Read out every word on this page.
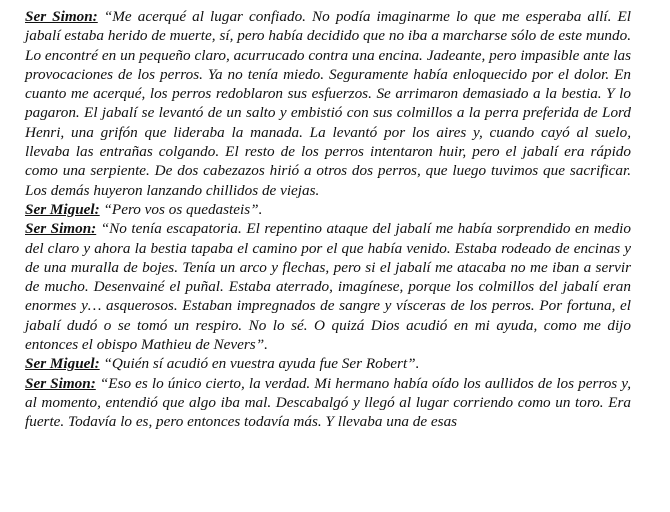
Ser Simon: “Me acerqué al lugar confiado. No podía imaginarme lo que me esperaba allí. El jabalí estaba herido de muerte, sí, pero había decidido que no iba a marcharse sólo de este mundo. Lo encontré en un pequeño claro, acurrucado contra una encina. Jadeante, pero impasible ante las provocaciones de los perros. Ya no tenía miedo. Seguramente había enloquecido por el dolor. En cuanto me acerqué, los perros redoblaron sus esfuerzos. Se arrimaron demasiado a la bestia. Y lo pagaron. El jabalí se levantó de un salto y embistió con sus colmillos a la perra preferida de Lord Henri, una grifón que lideraba la manada. La levantó por los aires y, cuando cayó al suelo, llevaba las entrañas colgando. El resto de los perros intentaron huir, pero el jabalí era rápido como una serpiente. De dos cabezazos hirió a otros dos perros, que luego tuvimos que sacrificar. Los demás huyeron lanzando chillidos de viejas.

Ser Miguel: “Pero vos os quedasteis”.

Ser Simon: “No tenía escapatoria. El repentino ataque del jabalí me había sorprendido en medio del claro y ahora la bestia tapaba el camino por el que había venido. Estaba rodeado de encinas y de una muralla de bojes. Tenía un arco y flechas, pero si el jabalí me atacaba no me iban a servir de mucho. Desenvainé el puñal. Estaba aterrado, imagínese, porque los colmillos del jabalí eran enormes y… asquerosos. Estaban impregnados de sangre y vísceras de los perros. Por fortuna, el jabalí dudó o se tomó un respiro. No lo sé. O quizá Dios acudió en mi ayuda, como me dijo entonces el obispo Mathieu de Nevers”.

Ser Miguel: “Quién sí acudió en vuestra ayuda fue Ser Robert”.

Ser Simon: “Eso es lo único cierto, la verdad. Mi hermano había oído los aullidos de los perros y, al momento, entendió que algo iba mal. Descabalgó y llegó al lugar corriendo como un toro. Era fuerte. Todavía lo es, pero entonces todavía más. Y llevaba una de esas
